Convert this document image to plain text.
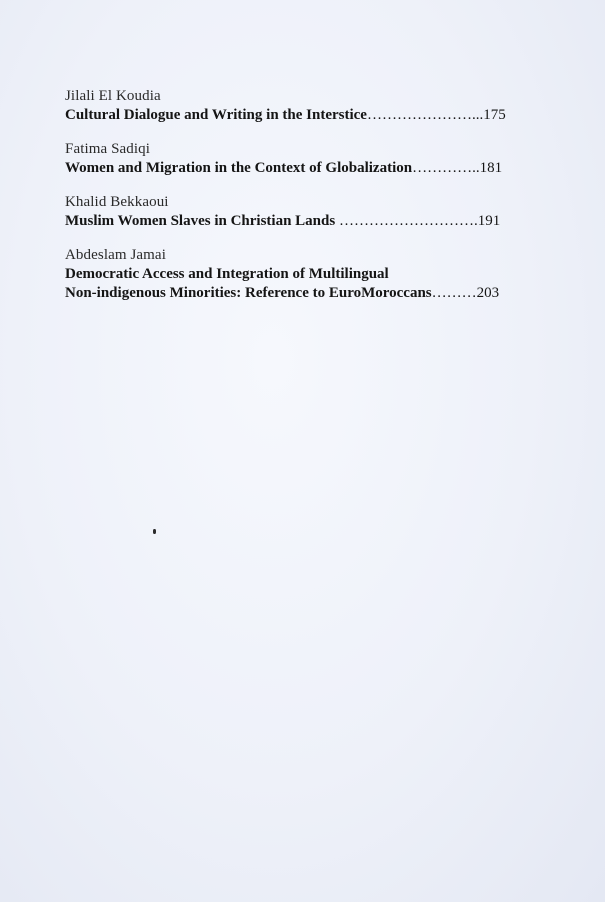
Jilali El Koudia
Cultural Dialogue and Writing in the Interstice…………………...175
Fatima Sadiqi
Women and Migration in the Context of Globalization…………..181
Khalid Bekkaoui
Muslim Women Slaves in Christian Lands ……………………….191
Abdeslam Jamai
Democratic Access and Integration of Multilingual
Non-indigenous Minorities: Reference to EuroMoroccans………203
